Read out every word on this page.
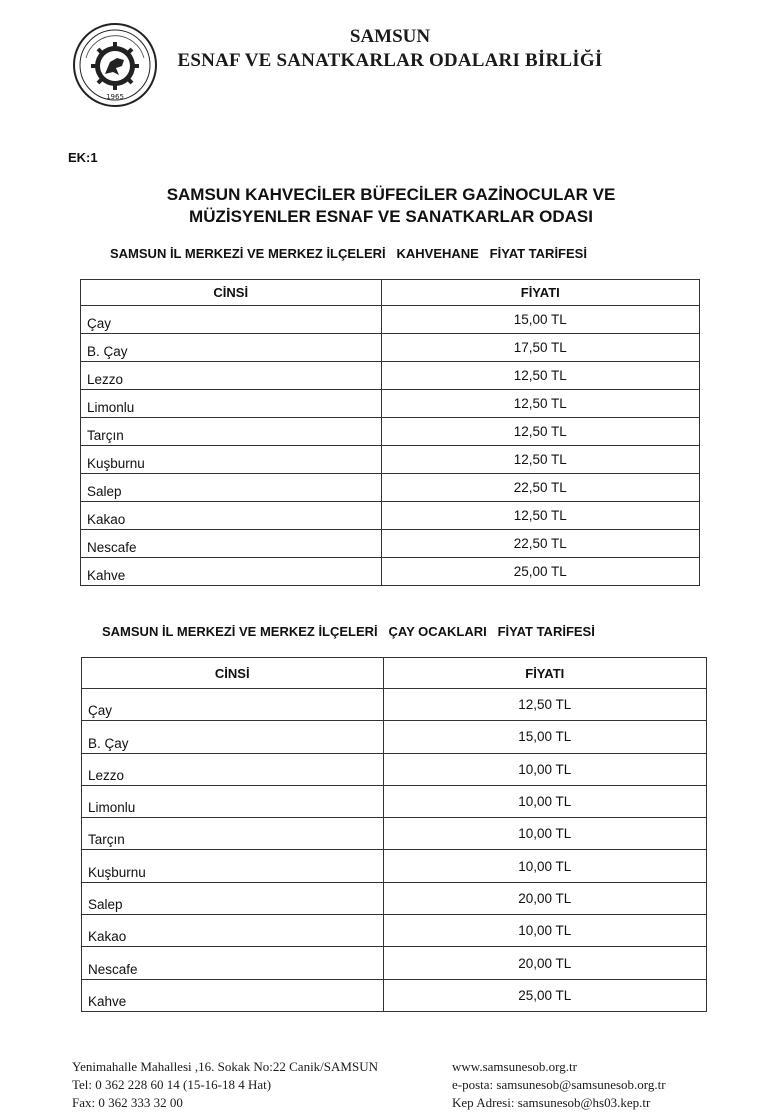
1965
SAMSUN
ESNAF VE SANATKARLAR ODALARI BİRLİĞİ
EK:1
SAMSUN KAHVECİLER BÜFECİLER GAZİNOCULAR VE
MÜZİSYENLER ESNAF VE SANATKARLAR ODASI
SAMSUN İL MERKEZİ VE MERKEZ İLÇELERİ   KAHVEHANE   FİYAT TARİFESİ
CİNSİ	FİYATI
Çay	15,00 TL
B. Çay	17,50 TL
Lezzo	12,50 TL
Limonlu	12,50 TL
Tarçın	12,50 TL
Kuşburnu	12,50 TL
Salep	22,50 TL
Kakao	12,50 TL
Nescafe	22,50 TL
Kahve	25,00 TL
SAMSUN İL MERKEZİ VE MERKEZ İLÇELERİ   ÇAY OCAKLARI   FİYAT TARİFESİ
CİNSİ	FİYATI
Çay	12,50 TL
B. Çay	15,00 TL
Lezzo	10,00 TL
Limonlu	10,00 TL
Tarçın	10,00 TL
Kuşburnu	10,00 TL
Salep	20,00 TL
Kakao	10,00 TL
Nescafe	20,00 TL
Kahve	25,00 TL
Yenimahalle Mahallesi ,16. Sokak No:22 Canik/SAMSUN
Tel: 0 362 228 60 14 (15-16-18 4 Hat)
Fax: 0 362 333 32 00
www.samsunesob.org.tr
e-posta: samsunesob@samsunesob.org.tr
Kep Adresi: samsunesob@hs03.kep.tr
